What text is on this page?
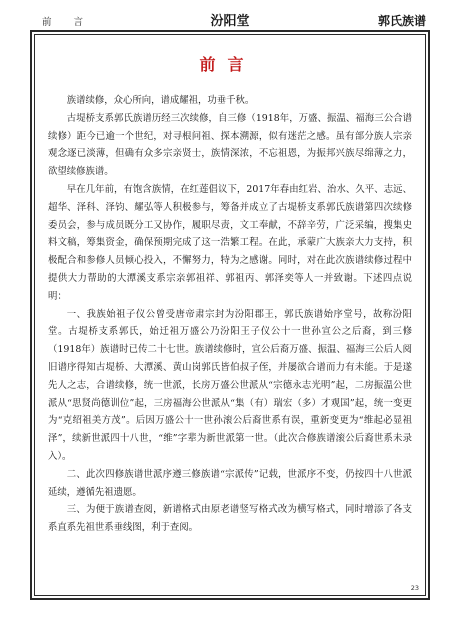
前　　言	汾阳堂	郭氏族谱
前言

族谱续修，众心所向，谱成耀祖，功垂千秋。

古堤桥支系郭氏族谱历经三次续修，自三修（1918年，万盛、振温、福海三公合谱续修）距今已逾一个世纪，对寻根问祖、探本溯源，似有迷茫之感。虽有部分族人宗亲观念逐已淡薄，但确有众多宗亲贤士，族情深浓，不忘祖恩，为振邦兴族尽绵薄之力，欲望续修族谱。

早在几年前，有饱含族情，在红莲倡议下，2017年春由红岩、治水、久平、志远、超华、泽科、泽钧、耀弘等人积极参与，筹备并成立了古堤桥支系郭氏族谱第四次续修委员会，参与成员既分工又协作，履职尽责，文工奉献，不辞辛劳，广泛采编，搜集史料文稿，筹集资金，确保预期完成了这一浩繁工程。在此，承蒙广大族亲大力支持，积极配合和参修人员倾心投入，不懈努力，特为之感谢。同时，对在此次族谱续修过程中提供大力帮助的大潭溪支系宗亲郭祖祥、郭祖丙、郭泽奕等人一并致谢。下述四点说明：

一、我族始祖子仪公曾受唐帝肃宗封为汾阳郡王，郭氏族谱始序堂号，故称汾阳堂。古堤桥支系郭氏，始迁祖万盛公乃汾阳王子仪公十一世孙宣公之后裔，到三修（1918年）族谱时已传二十七世。族谱续修时，宣公后裔万盛、振温、福海三公后人阅旧谱序得知古堤桥、大潭溪、黄山岗郭氏皆伯叔子侄，并屡欲合谱而力有未能。于是遂先人之志，合谱续修，统一世派，长房万盛公世派从“宗德永志光明”起，二房振温公世派从“思贤尚德训位”起，三房福海公世派从“集（有）瑞宏（多）才观国”起，统一变更为“克绍祖美方茂”。后因万盛公十一世孙滚公后裔世系有误，重新变更为“维起必显祖泽”，续新世派四十八世，“维”字辈为新世派第一世。（此次合修族谱滚公后裔世系未录入）。

二、此次四修族谱世派序遵三修族谱“宗派传”记载，世派序不变，仍按四十八世派延续，遵循先祖遗愿。

三、为便于族谱查阅，新谱格式由原老谱竖写格式改为横写格式，同时增添了各支系直系先祖世系垂线图，利于查阅。

23
